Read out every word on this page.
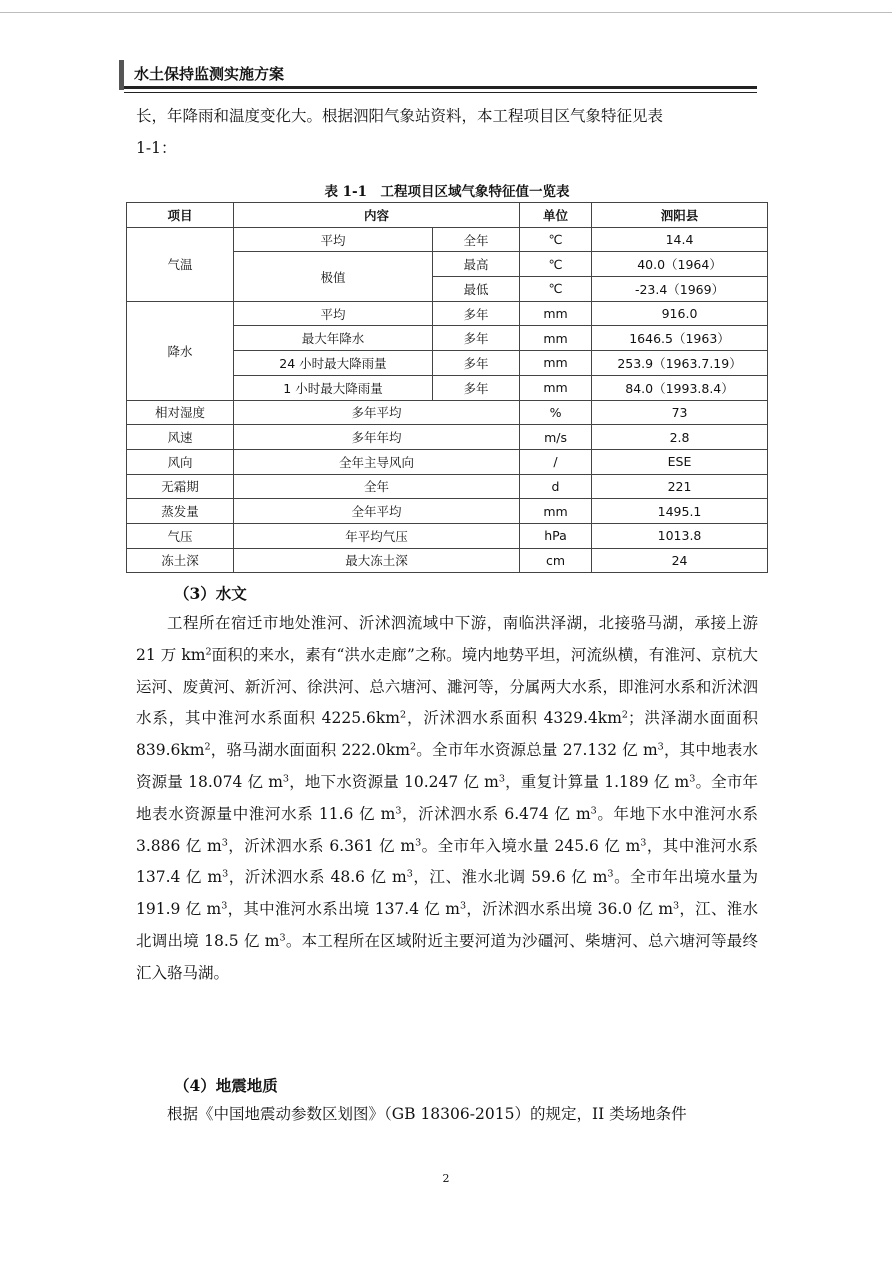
水土保持监测实施方案

长，年降雨和温度变化大。根据泗阳气象站资料，本工程项目区气象特征见表
1-1：

表 1-1　工程项目区域气象特征值一览表
项目	内容		单位	泗阳县
气温	平均	全年	℃	14.4
	极值	最高	℃	40.0（1964）
		最低	℃	-23.4（1969）
降水	平均	多年	mm	916.0
	最大年降水	多年	mm	1646.5（1963）
	24 小时最大降雨量	多年	mm	253.9（1963.7.19）
	1 小时最大降雨量	多年	mm	84.0（1993.8.4）
相对湿度	多年平均		%	73
风速	多年年均		m/s	2.8
风向	全年主导风向		/	ESE
无霜期	全年		d	221
蒸发量	全年平均		mm	1495.1
气压	年平均气压		hPa	1013.8
冻土深	最大冻土深		cm	24
（3）水文

工程所在宿迁市地处淮河、沂沭泗流域中下游，南临洪泽湖，北接骆马湖，承接上游 21 万 $km^2$面积的来水，素有“洪水走廊”之称。境内地势平坦，河流纵横，有淮河、京杭大运河、废黄河、新沂河、徐洪河、总六塘河、濉河等，分属两大水系，即淮河水系和沂沭泗水系，其中淮河水系面积 $4225.6km^2$，沂沭泗水系面积 $4329.4km^2$；洪泽湖水面面积 $839.6km^2$，骆马湖水面面积 $222.0km^2$。全市年水资源总量 27.132 亿 $m^3$，其中地表水资源量 18.074 亿 $m^3$，地下水资源量 10.247 亿 $m^3$，重复计算量 1.189 亿 $m^3$。全市年地表水资源量中淮河水系 11.6 亿 $m^3$，沂沭泗水系 6.474 亿 $m^3$。年地下水中淮河水系 3.886 亿 $m^3$，沂沭泗水系 6.361 亿 $m^3$。全市年入境水量 245.6 亿 $m^3$，其中淮河水系 137.4 亿 $m^3$，沂沭泗水系 48.6 亿 $m^3$，江、淮水北调 59.6 亿 $m^3$。全市年出境水量为 191.9 亿 $m^3$，其中淮河水系出境 137.4 亿 $m^3$，沂沭泗水系出境 36.0 亿 $m^3$，江、淮水北调出境 18.5 亿 $m^3$。本工程所在区域附近主要河道为沙礓河、柴塘河、总六塘河等最终汇入骆马湖。

（4）地震地质

根据《中国地震动参数区划图》（GB 18306-2015）的规定，II 类场地条件

2
